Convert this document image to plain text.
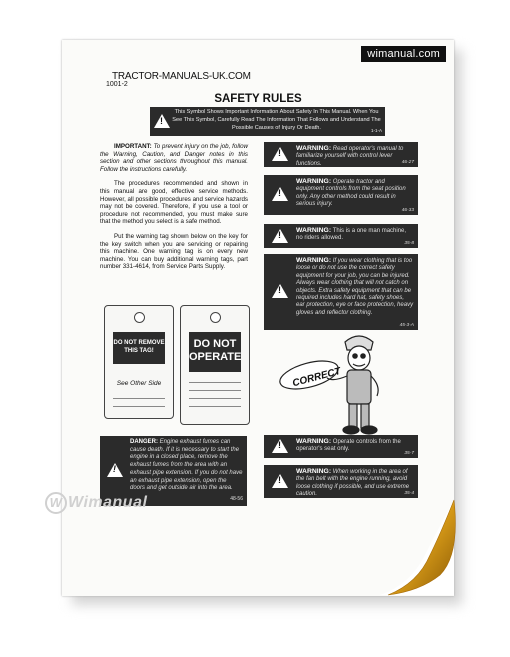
wimanual.com
TRACTOR-MANUALS-UK.COM
1001-2
SAFETY RULES
!
This Symbol Shows Important Information About Safety In This Manual. When You See This Symbol, Carefully Read The Information That Follows and Understand The Possible Causes of Injury Or Death.	1-1-A

IMPORTANT: To prevent injury on the job, follow the Warning, Caution, and Danger notes in this section and other sections throughout this manual. Follow the instructions carefully.

The procedures recommended and shown in this manual are good, effective service methods. However, all possible procedures and service hazards may not be covered. Therefore, if you use a tool or procedure not recommended, you must make sure that the method you select is a safe method.

Put the warning tag shown below on the key for the key switch when you are servicing or repairing this machine. One warning tag is on every new machine. You can buy additional warning tags, part number 331-4614, from Service Parts Supply.

DO NOT REMOVE THIS TAG!
See Other Side
DO NOT OPERATE
!
DANGER: Engine exhaust fumes can cause death. If it is necessary to start the engine in a closed place, remove the exhaust fumes from the area with an exhaust pipe extension. If you do not have an exhaust pipe extension, open the doors and get outside air into the area.
48-56
!
WARNING: Read operator's manual to familiarize yourself with control lever functions.	46-27
!
WARNING: Operate tractor and equipment controls from the seat position only. Any other method could result in serious injury.
46-33
!
WARNING: This is a one man machine, no riders allowed.
35-8
!
WARNING: If you wear clothing that is too loose or do not use the correct safety equipment for your job, you can be injured. Always wear clothing that will not catch on objects. Extra safety equipment that can be required includes hard hat, safety shoes, ear protection, eye or face protection, heavy gloves and reflector clothing.
45-3-A
CORRECT
!
WARNING: Operate controls from the operator's seat only.
35-7
!
WARNING: When working in the area of the fan belt with the engine running, avoid loose clothing if possible, and use extreme caution.	35-4
W Wimanual
